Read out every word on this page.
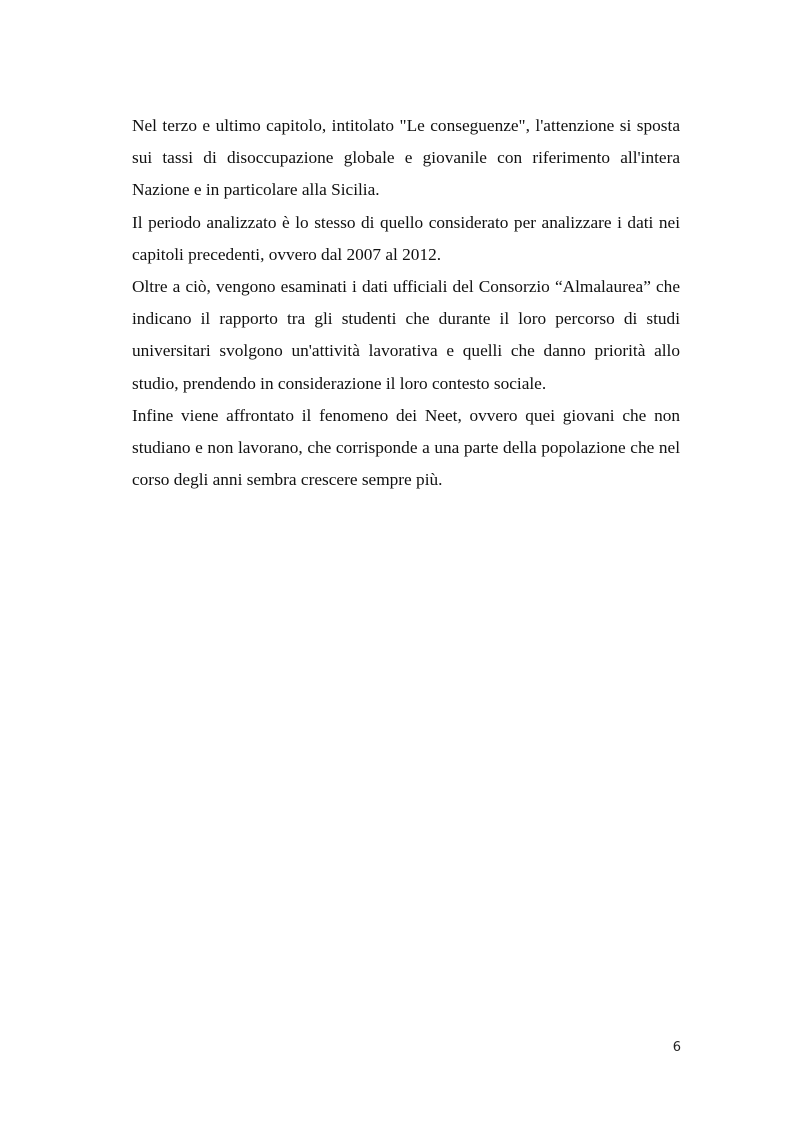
Nel terzo e ultimo capitolo, intitolato "Le conseguenze", l'attenzione si sposta sui tassi di disoccupazione globale e giovanile con riferimento all'intera Nazione e in particolare alla Sicilia.

Il periodo analizzato è lo stesso di quello considerato per analizzare i dati nei capitoli precedenti, ovvero dal 2007 al 2012.

Oltre a ciò, vengono esaminati i dati ufficiali del Consorzio “Almalaurea” che indicano il rapporto tra gli studenti che durante il loro percorso di studi universitari svolgono un'attività lavorativa e quelli che danno priorità allo studio, prendendo in considerazione il loro contesto sociale.

Infine viene affrontato il fenomeno dei Neet, ovvero quei giovani che non studiano e non lavorano, che corrisponde a una parte della popolazione che nel corso degli anni sembra crescere sempre più.

6
